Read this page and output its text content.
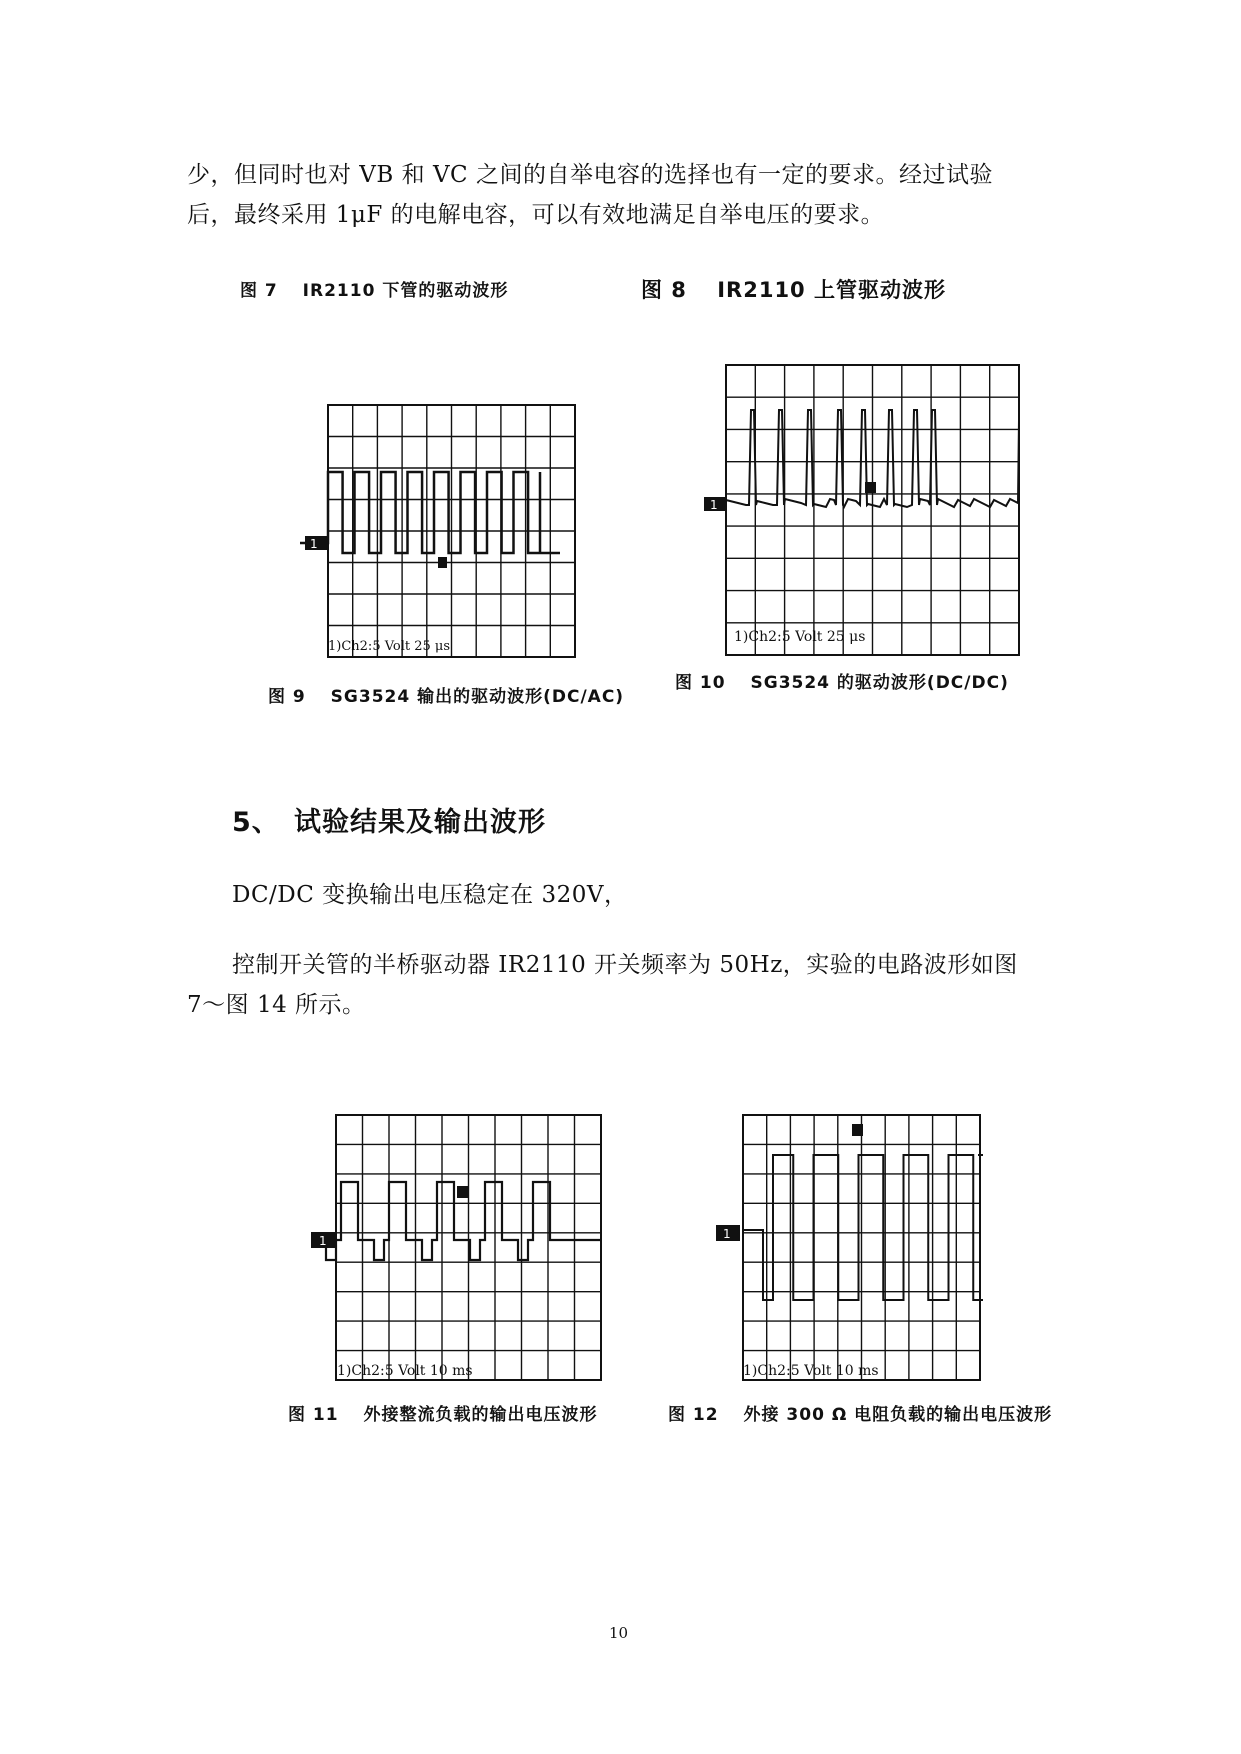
少，但同时也对 VB 和 VC 之间的自举电容的选择也有一定的要求。经过试验
后，最终采用 1μF 的电解电容，可以有效地满足自举电压的要求。
图 7　 IR2110 下管的驱动波形	图 8　 IR2110 上管驱动波形
1
1)Ch2:5 Volt 25 μs
1
1)Ch2:5 Volt 25 μs
图 9　 SG3524 输出的驱动波形(DC/AC)
图 10　 SG3524 的驱动波形(DC/DC)
5、 试验结果及输出波形
DC/DC 变换输出电压稳定在 320V，
控制开关管的半桥驱动器 IR2110 开关频率为 50Hz，实验的电路波形如图
7～图 14 所示。
1
1)Ch2:5 Volt 10 ms
1
1)Ch2:5 Volt 10 ms
图 11　 外接整流负载的输出电压波形	图 12　 外接 300 Ω 电阻负载的输出电压波形
10
